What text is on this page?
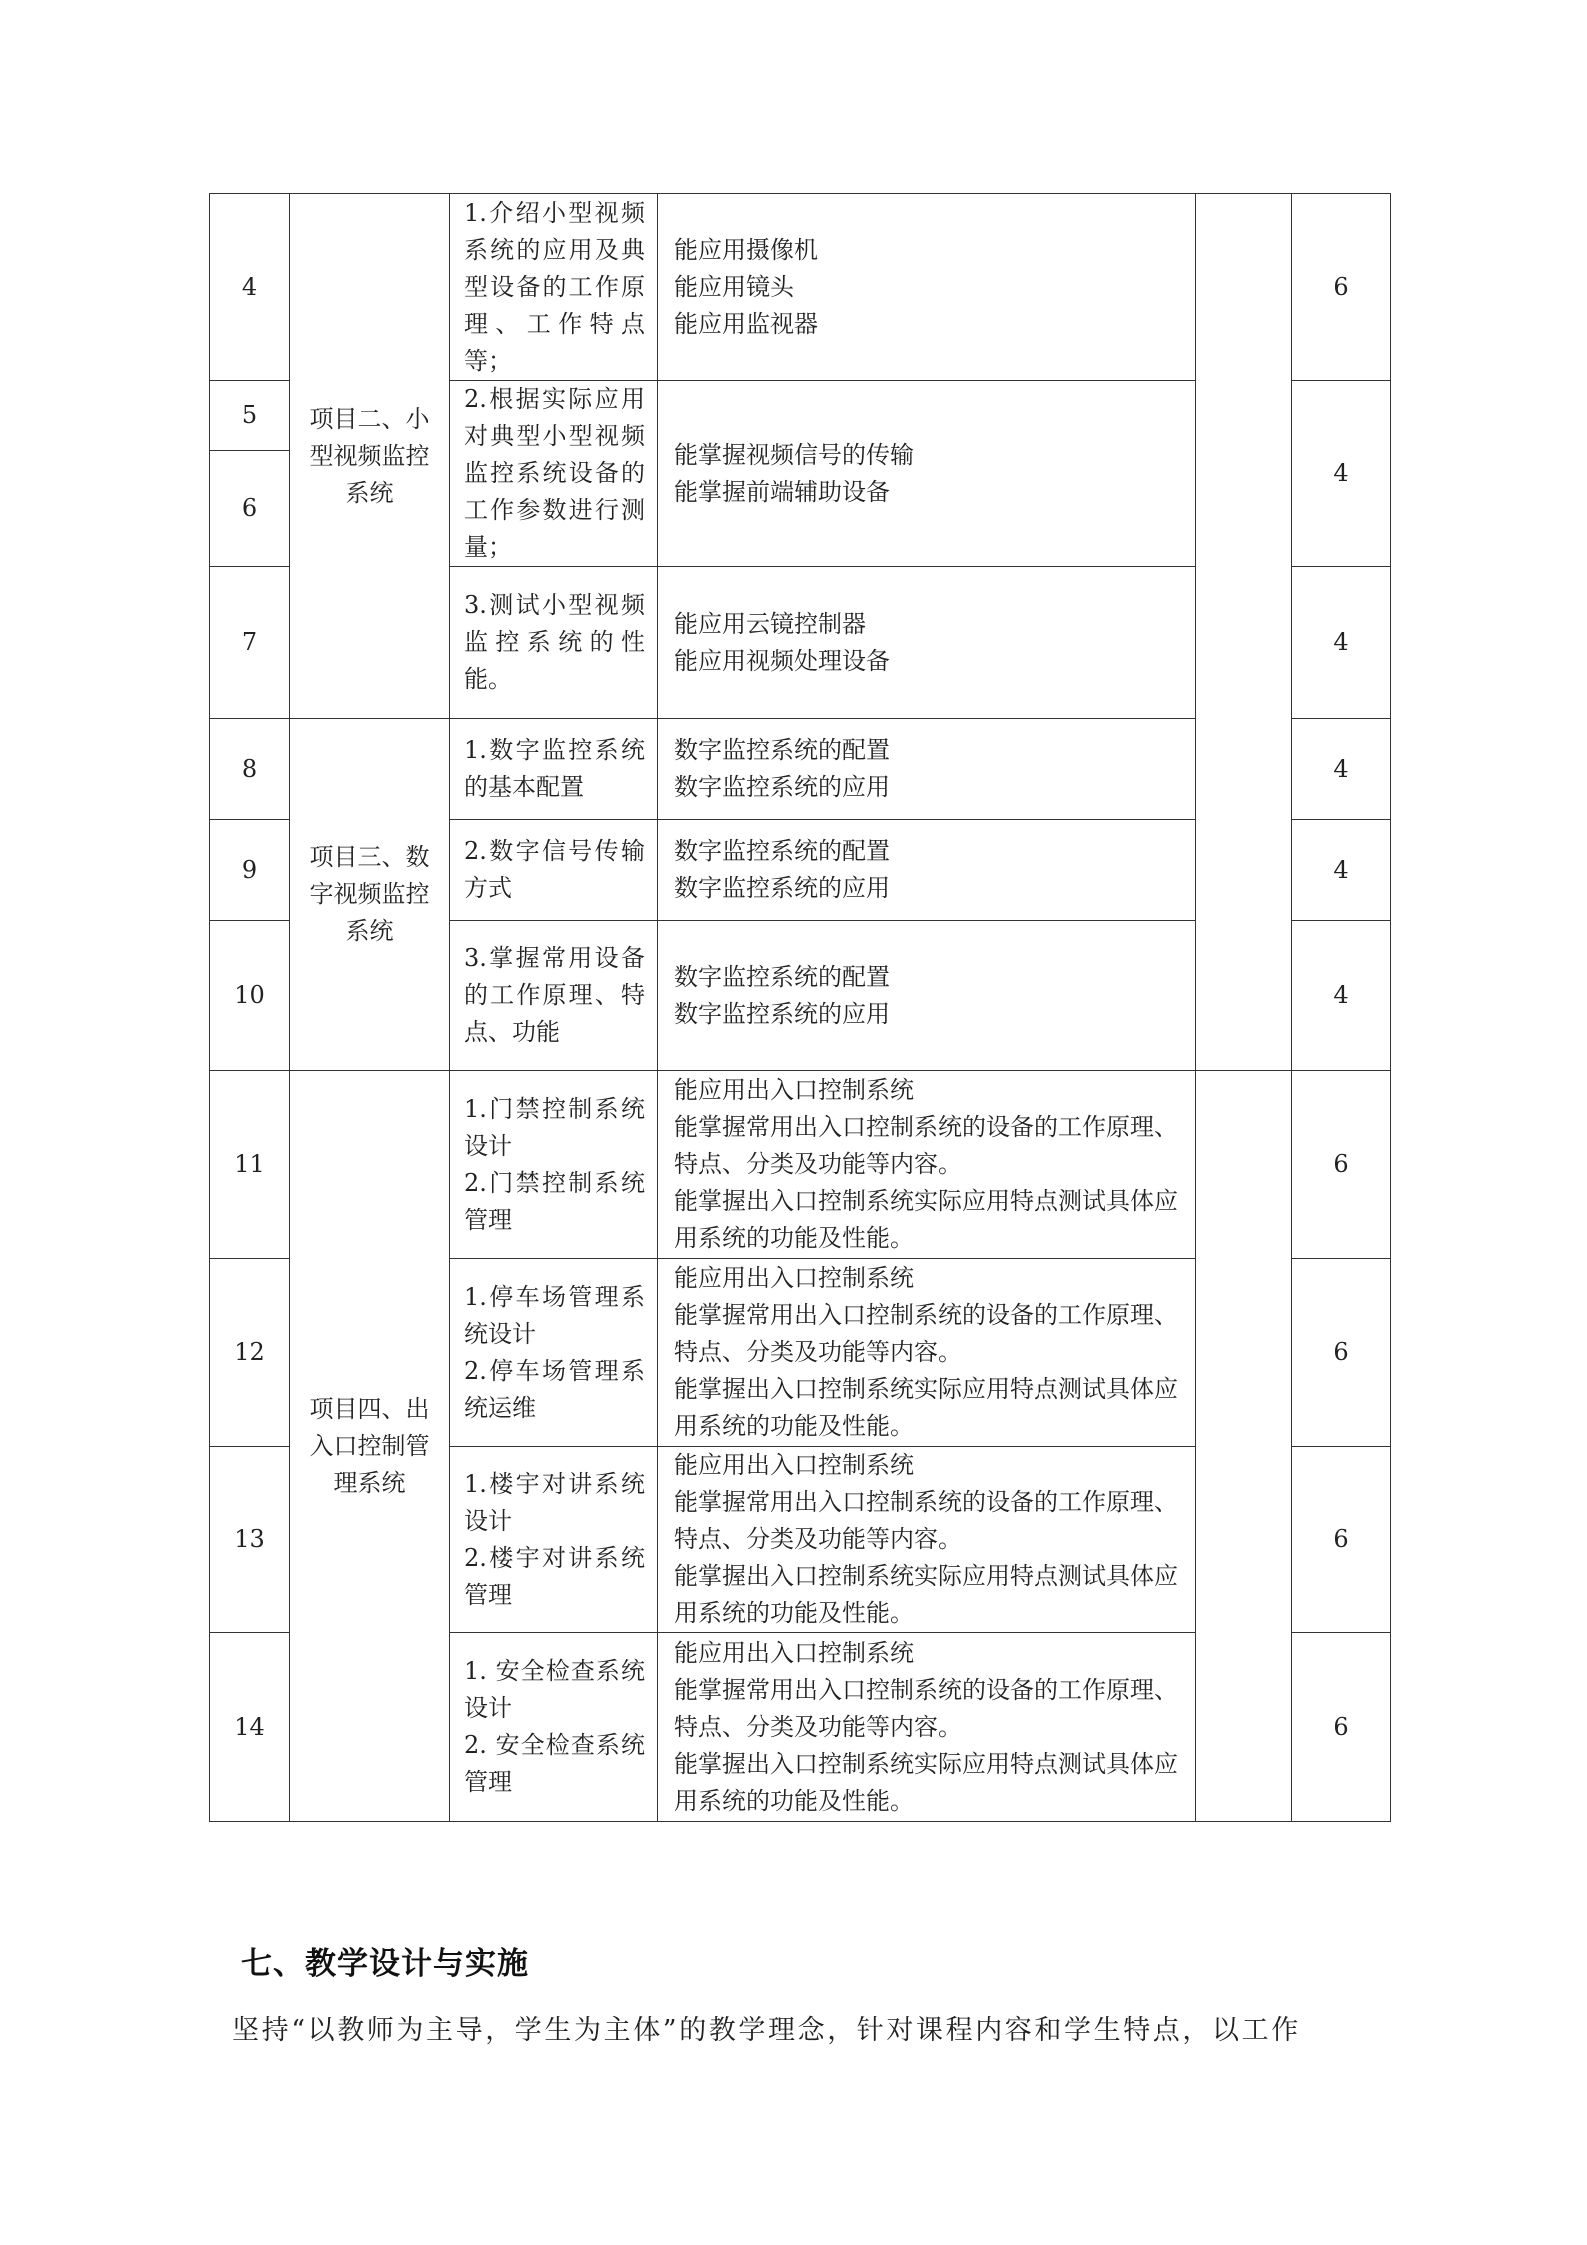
4	项目二、小型视频监控系统	1.介绍小型视频系统的应用及典型设备的工作原理、工作特点等；	能应用摄像机
能应用镜头
能应用监视器		6
5		2.根据实际应用对典型小型视频监控系统设备的工作参数进行测量；	能掌握视频信号的传输
能掌握前端辅助设备		4
6					
7		3.测试小型视频监控系统的性能。	能应用云镜控制器
能应用视频处理设备		4
8	项目三、数字视频监控系统	1.数字监控系统的基本配置	数字监控系统的配置
数字监控系统的应用		4
9		2.数字信号传输方式	数字监控系统的配置
数字监控系统的应用		4
10		3.掌握常用设备的工作原理、特点、功能	数字监控系统的配置
数字监控系统的应用		4
11	项目四、出入口控制管理系统	1.门禁控制系统设计
2.门禁控制系统管理	能应用出入口控制系统
能掌握常用出入口控制系统的设备的工作原理、特点、分类及功能等内容。
能掌握出入口控制系统实际应用特点测试具体应用系统的功能及性能。		6
12		1.停车场管理系统设计
2.停车场管理系统运维	能应用出入口控制系统
能掌握常用出入口控制系统的设备的工作原理、特点、分类及功能等内容。
能掌握出入口控制系统实际应用特点测试具体应用系统的功能及性能。		6
13		1.楼宇对讲系统设计
2.楼宇对讲系统管理	能应用出入口控制系统
能掌握常用出入口控制系统的设备的工作原理、特点、分类及功能等内容。
能掌握出入口控制系统实际应用特点测试具体应用系统的功能及性能。		6
14		1. 安全检查系统设计
2. 安全检查系统管理	能应用出入口控制系统
能掌握常用出入口控制系统的设备的工作原理、特点、分类及功能等内容。
能掌握出入口控制系统实际应用特点测试具体应用系统的功能及性能。		6
七、教学设计与实施

坚持“以教师为主导，学生为主体”的教学理念，针对课程内容和学生特点，以工作
